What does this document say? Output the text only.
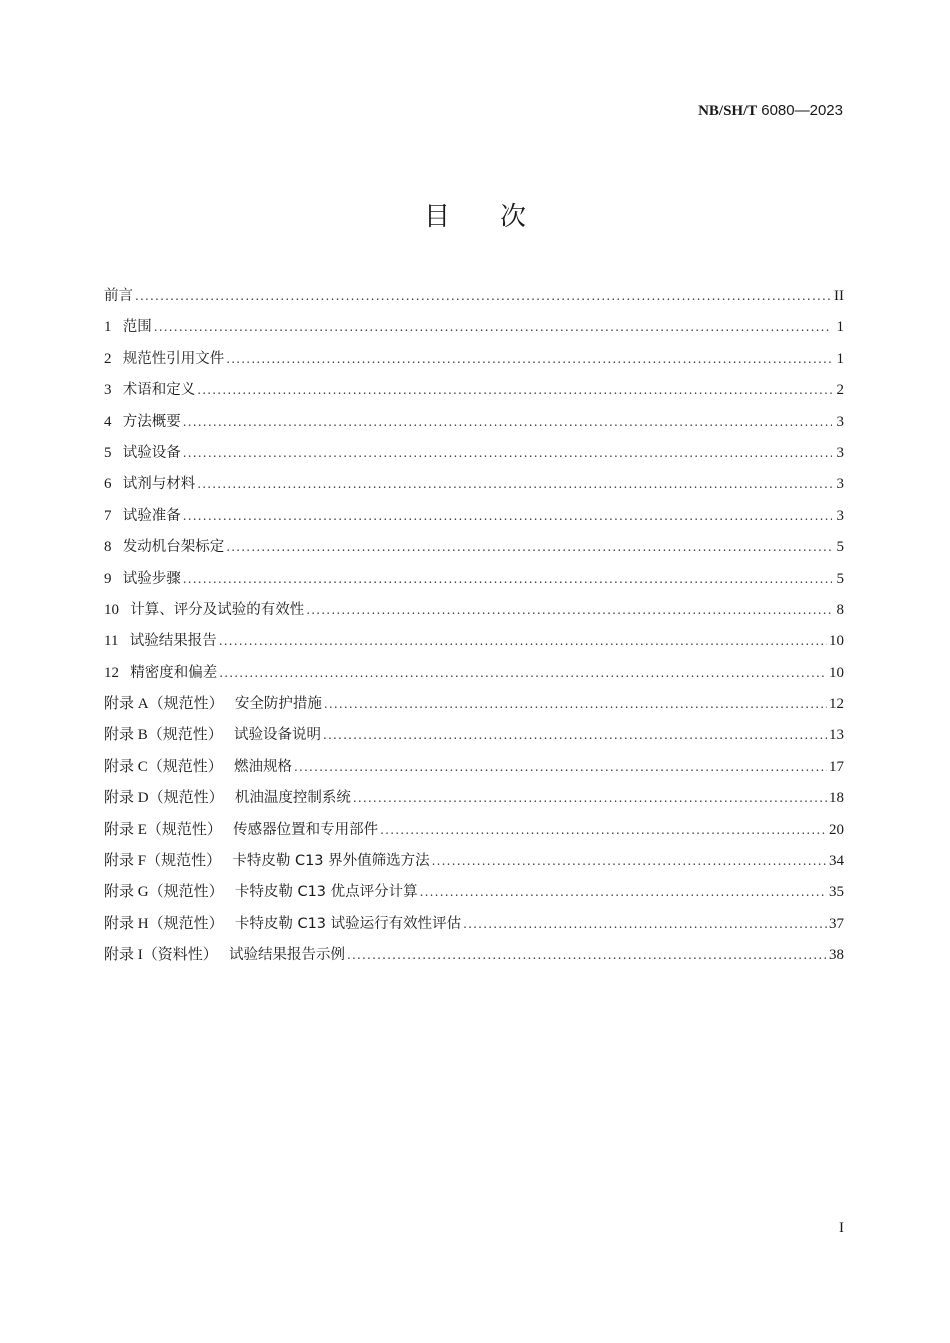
NB/SH/T 6080—2023
目次
前言 .....	II
1 范围 .....	1
2 规范性引用文件 .....	1
3 术语和定义 .....	2
4 方法概要 .....	3
5 试验设备 .....	3
6 试剂与材料 .....	3
7 试验准备 .....	3
8 发动机台架标定 .....	5
9 试验步骤 .....	5
10 计算、评分及试验的有效性 .....	8
11 试验结果报告 .....	10
12 精密度和偏差 .....	10
附录 A（规范性） 安全防护措施 .....	12
附录 B（规范性） 试验设备说明 .....	13
附录 C（规范性） 燃油规格 .....	17
附录 D（规范性） 机油温度控制系统 .....	18
附录 E（规范性） 传感器位置和专用部件 .....	20
附录 F（规范性） 卡特皮勒 C13 界外值筛选方法 .....	34
附录 G（规范性） 卡特皮勒 C13 优点评分计算 .....	35
附录 H（规范性） 卡特皮勒 C13 试验运行有效性评估 .....	37
附录 I（资料性） 试验结果报告示例 .....	38
I
